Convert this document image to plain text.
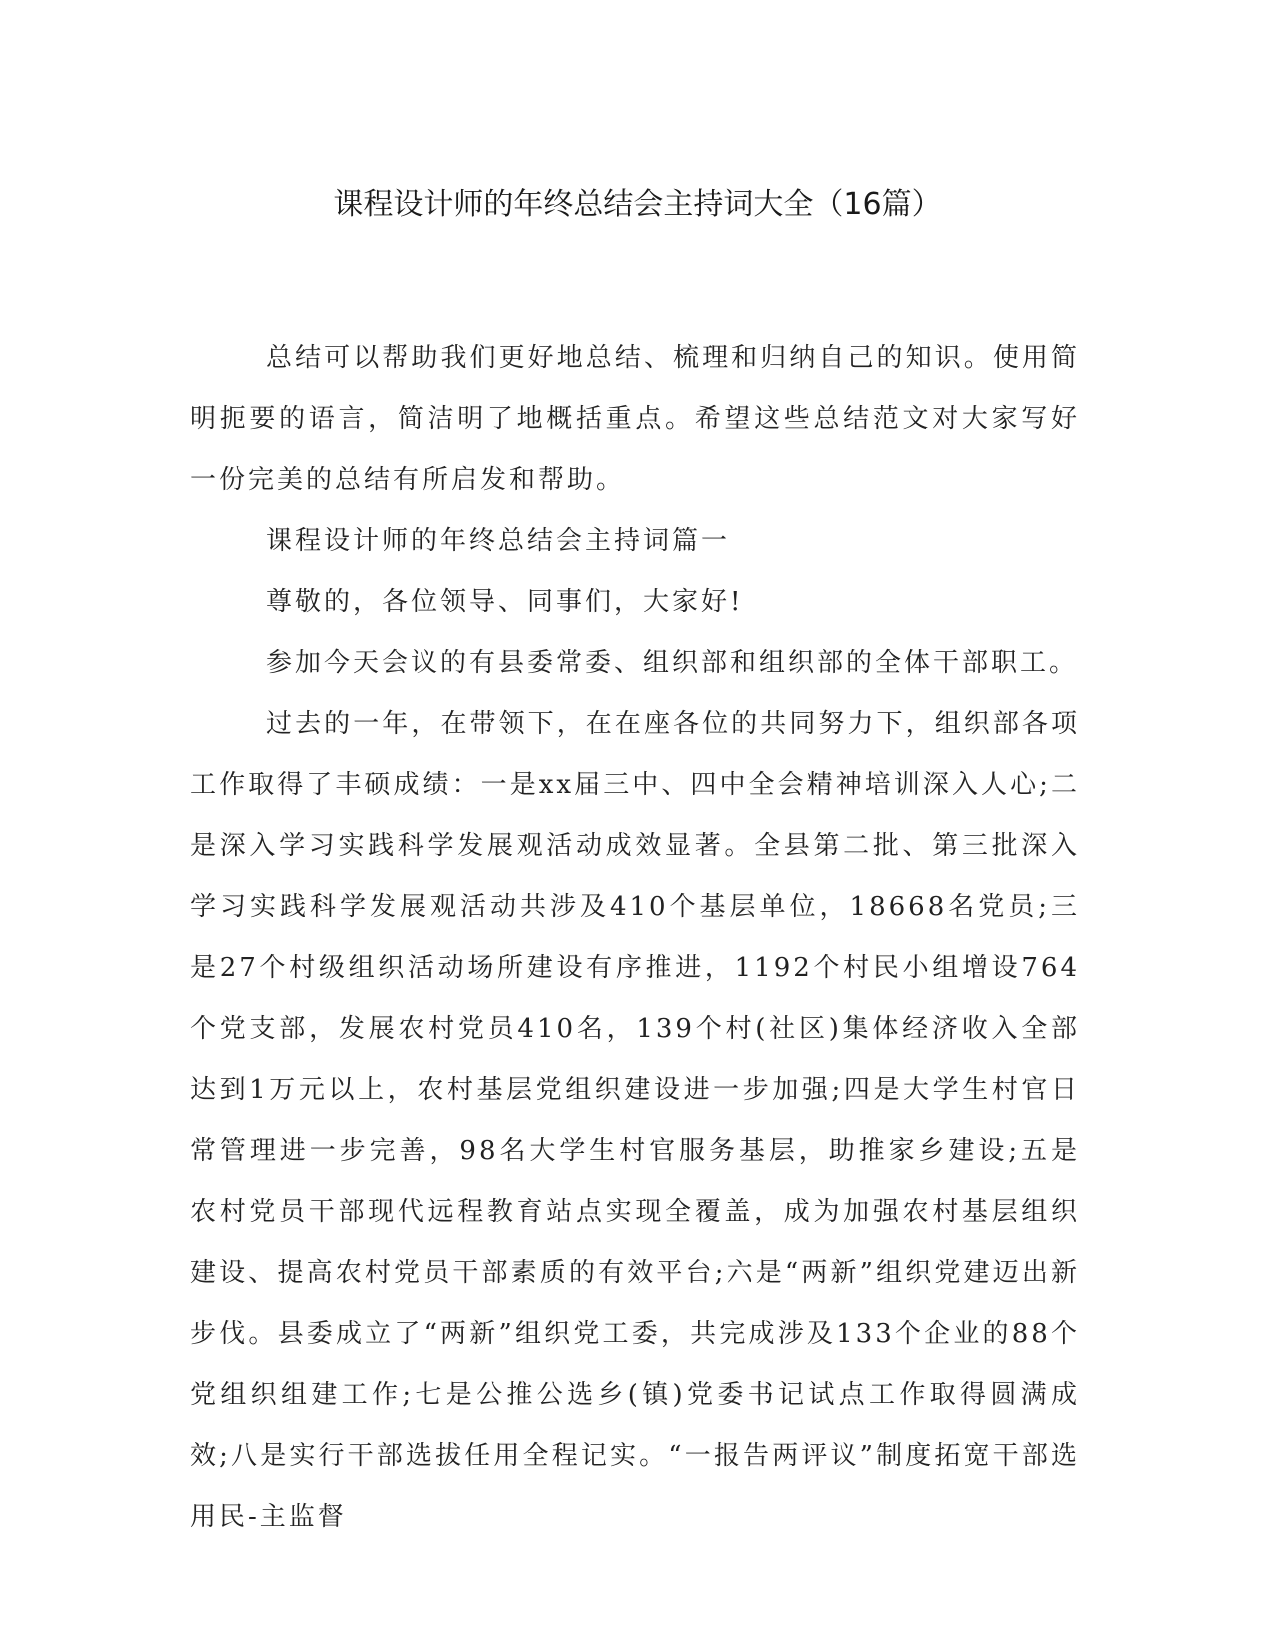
课程设计师的年终总结会主持词大全（16篇）

总结可以帮助我们更好地总结、梳理和归纳自己的知识。使用简明扼要的语言，简洁明了地概括重点。希望这些总结范文对大家写好一份完美的总结有所启发和帮助。

课程设计师的年终总结会主持词篇一

尊敬的，各位领导、同事们，大家好!

参加今天会议的有县委常委、组织部和组织部的全体干部职工。

过去的一年，在带领下，在在座各位的共同努力下，组织部各项工作取得了丰硕成绩：一是xx届三中、四中全会精神培训深入人心;二是深入学习实践科学发展观活动成效显著。全县第二批、第三批深入学习实践科学发展观活动共涉及410个基层单位，18668名党员;三是27个村级组织活动场所建设有序推进，1192个村民小组增设764个党支部，发展农村党员410名，139个村(社区)集体经济收入全部达到1万元以上，农村基层党组织建设进一步加强;四是大学生村官日常管理进一步完善，98名大学生村官服务基层，助推家乡建设;五是农村党员干部现代远程教育站点实现全覆盖，成为加强农村基层组织建设、提高农村党员干部素质的有效平台;六是“两新”组织党建迈出新步伐。县委成立了“两新”组织党工委，共完成涉及133个企业的88个党组织组建工作;七是公推公选乡(镇)党委书记试点工作取得圆满成效;八是实行干部选拔任用全程记实。“一报告两评议”制度拓宽干部选用民-主监督
